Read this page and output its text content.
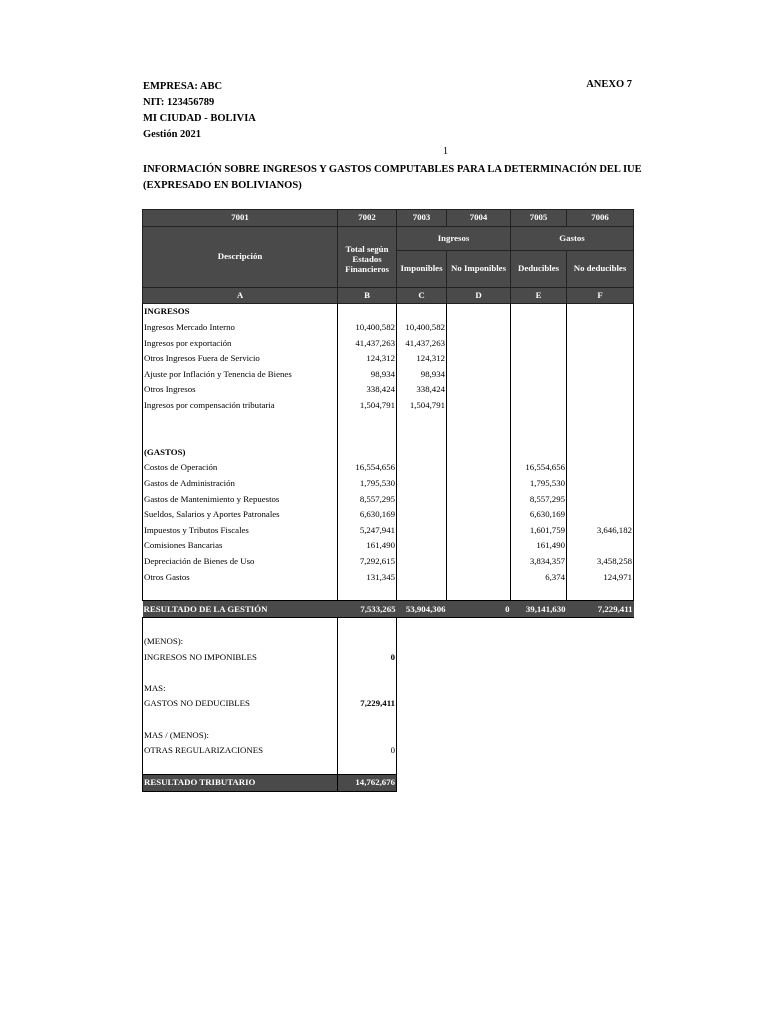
EMPRESA: ABC
NIT: 123456789
MI CIUDAD - BOLIVIA
Gestión 2021
ANEXO 7
1
INFORMACIÓN SOBRE INGRESOS Y GASTOS COMPUTABLES PARA LA DETERMINACIÓN DEL IUE
(EXPRESADO EN BOLIVIANOS)
7001	7002	7003	7004	7005	7006
Descripción	Total según
Estados
Financieros	Ingresos		Gastos	
		Imponibles	No Imponibles	Deducibles	No deducibles
A	B	C	D	E	F
INGRESOS					
Ingresos Mercado Interno	10,400,582	10,400,582			
Ingresos por exportación	41,437,263	41,437,263			
Otros Ingresos Fuera de Servicio	124,312	124,312			
Ajuste por Inflación y Tenencia de Bienes	98,934	98,934			
Otros Ingresos	338,424	338,424			
Ingresos por compensación tributaria	1,504,791	1,504,791			

(GASTOS)					
Costos de Operación	16,554,656			16,554,656	
Gastos de Administración	1,795,530			1,795,530	
Gastos de Mantenimiento y Repuestos	8,557,295			8,557,295	
Sueldos, Salarios y Aportes Patronales	6,630,169			6,630,169	
Impuestos y Tributos Fiscales	5,247,941			1,601,759	3,646,182
Comisiones Bancarias	161,490			161,490	
Depreciación de Bienes de Uso	7,292,615			3,834,357	3,458,258
Otros Gastos	131,345			6,374	124,971

RESULTADO DE LA GESTIÓN	7,533,265	53,904,306	0	39,141,630	7,229,411

(MENOS):					
INGRESOS NO IMPONIBLES	0				

MAS:					
GASTOS NO DEDUCIBLES	7,229,411				

MAS / (MENOS):					
OTRAS REGULARIZACIONES	0				

RESULTADO TRIBUTARIO	14,762,676				
